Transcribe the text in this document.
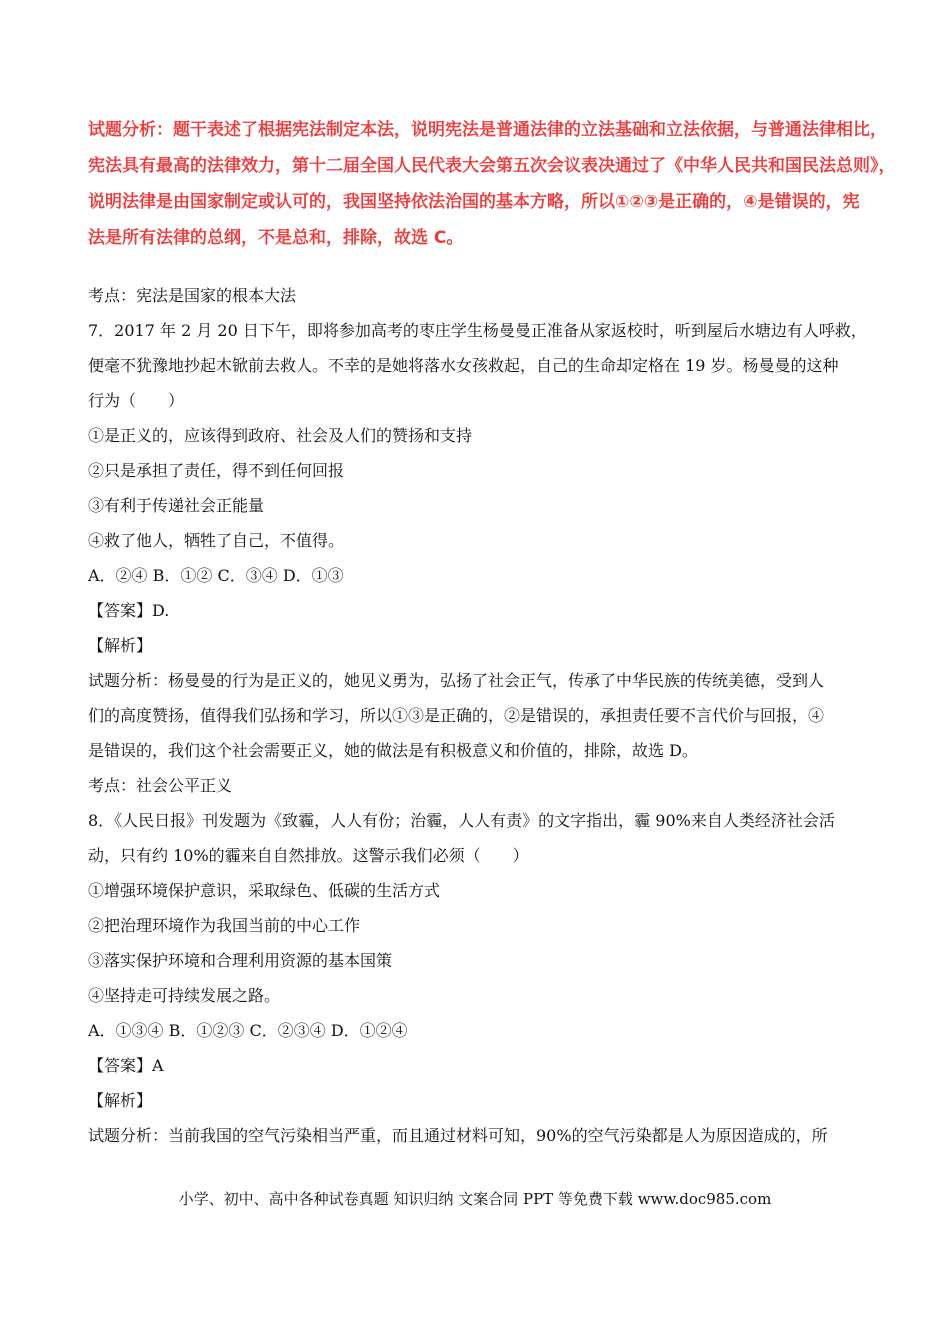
试题分析：题干表述了根据宪法制定本法，说明宪法是普通法律的立法基础和立法依据，与普通法律相比，
宪法具有最高的法律效力，第十二届全国人民代表大会第五次会议表决通过了《中华人民共和国民法总则》，
说明法律是由国家制定或认可的，我国坚持依法治国的基本方略，所以①②③是正确的，④是错误的，宪
法是所有法律的总纲，不是总和，排除，故选 C。
考点：宪法是国家的根本大法
7．2017 年 2 月 20 日下午，即将参加高考的枣庄学生杨曼曼正准备从家返校时，听到屋后水塘边有人呼救，
便毫不犹豫地抄起木锨前去救人。不幸的是她将落水女孩救起，自己的生命却定格在 19 岁。杨曼曼的这种
行为（　　）
①是正义的，应该得到政府、社会及人们的赞扬和支持
②只是承担了责任，得不到任何回报
③有利于传递社会正能量
④救了他人，牺牲了自己，不值得。
A．②④ B．①② C．③④ D．①③
【答案】D.
【解析】
试题分析：杨曼曼的行为是正义的，她见义勇为，弘扬了社会正气，传承了中华民族的传统美德，受到人
们的高度赞扬，值得我们弘扬和学习，所以①③是正确的，②是错误的，承担责任要不言代价与回报，④
是错误的，我们这个社会需要正义，她的做法是有积极意义和价值的，排除，故选 D。
考点：社会公平正义
8．《人民日报》刊发题为《致霾，人人有份；治霾，人人有责》的文字指出，霾 90%来自人类经济社会活
动，只有约 10%的霾来自自然排放。这警示我们必须（　　）
①增强环境保护意识，采取绿色、低碳的生活方式
②把治理环境作为我国当前的中心工作
③落实保护环境和合理利用资源的基本国策
④坚持走可持续发展之路。
A．①③④ B．①②③ C．②③④ D．①②④
【答案】A
【解析】
试题分析：当前我国的空气污染相当严重，而且通过材料可知，90%的空气污染都是人为原因造成的，所
小学、初中、高中各种试卷真题 知识归纳 文案合同 PPT 等免费下载 www.doc985.com
